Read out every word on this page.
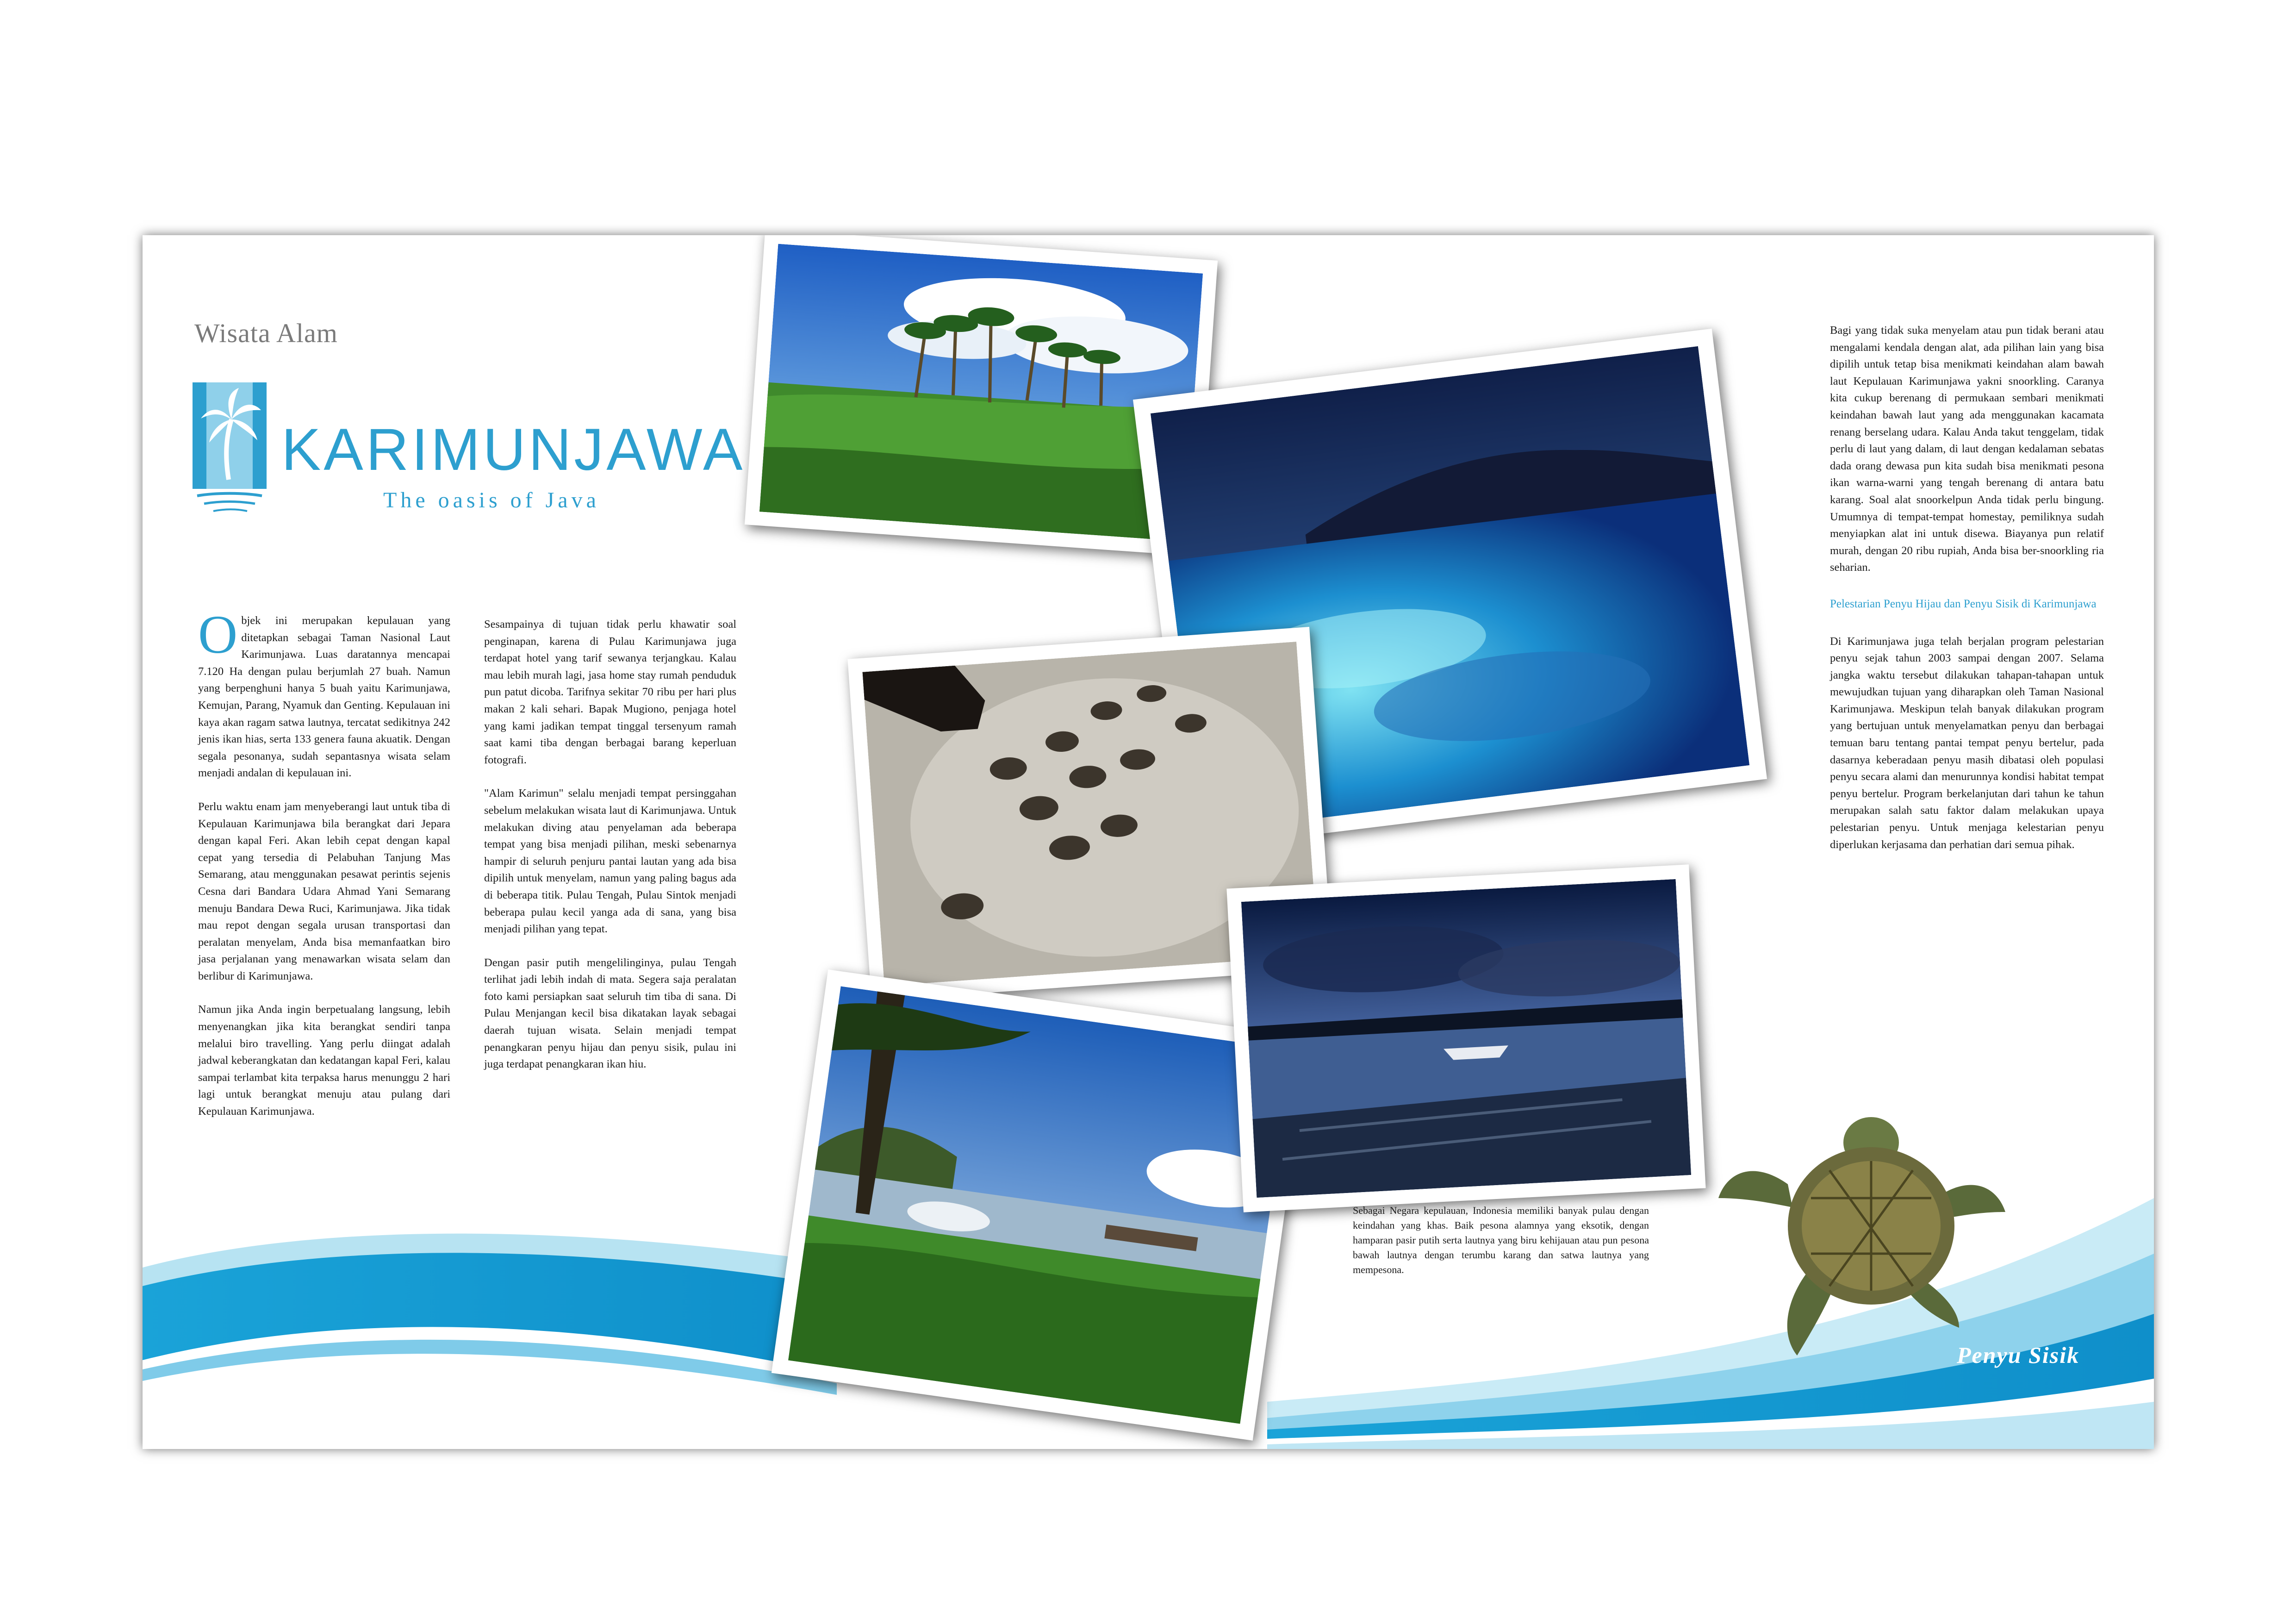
Wisata Alam
KARIMUNJAWA
The oasis of Java

Objek ini merupakan kepulauan yang ditetapkan sebagai Taman Nasional Laut Karimunjawa. Luas daratannya mencapai 7.120 Ha dengan pulau berjumlah 27 buah. Namun yang berpenghuni hanya 5 buah yaitu Karimunjawa, Kemujan, Parang, Nyamuk dan Genting. Kepulauan ini kaya akan ragam satwa lautnya, tercatat sedikitnya 242 jenis ikan hias, serta 133 genera fauna akuatik. Dengan segala pesonanya, sudah sepantasnya wisata selam menjadi andalan di kepulauan ini.

Perlu waktu enam jam menyeberangi laut untuk tiba di Kepulauan Karimunjawa bila berangkat dari Jepara dengan kapal Feri. Akan lebih cepat dengan kapal cepat yang tersedia di Pelabuhan Tanjung Mas Semarang, atau menggunakan pesawat perintis sejenis Cesna dari Bandara Udara Ahmad Yani Semarang menuju Bandara Dewa Ruci, Karimunjawa. Jika tidak mau repot dengan segala urusan transportasi dan peralatan menyelam, Anda bisa memanfaatkan biro jasa perjalanan yang menawarkan wisata selam dan berlibur di Karimunjawa.

Namun jika Anda ingin berpetualang langsung, lebih menyenangkan jika kita berangkat sendiri tanpa melalui biro travelling. Yang perlu diingat adalah jadwal keberangkatan dan kedatangan kapal Feri, kalau sampai terlambat kita terpaksa harus menunggu 2 hari lagi untuk berangkat menuju atau pulang dari Kepulauan Karimunjawa.

Sesampainya di tujuan tidak perlu khawatir soal penginapan, karena di Pulau Karimunjawa juga terdapat hotel yang tarif sewanya terjangkau. Kalau mau lebih murah lagi, jasa home stay rumah penduduk pun patut dicoba. Tarifnya sekitar 70 ribu per hari plus makan 2 kali sehari. Bapak Mugiono, penjaga hotel yang kami jadikan tempat tinggal tersenyum ramah saat kami tiba dengan berbagai barang keperluan fotografi.

"Alam Karimun" selalu menjadi tempat persinggahan sebelum melakukan wisata laut di Karimunjawa. Untuk melakukan diving atau penyelaman ada beberapa tempat yang bisa menjadi pilihan, meski sebenarnya hampir di seluruh penjuru pantai lautan yang ada bisa dipilih untuk menyelam, namun yang paling bagus ada di beberapa titik. Pulau Tengah, Pulau Sintok menjadi beberapa pulau kecil yanga ada di sana, yang bisa menjadi pilihan yang tepat.

Dengan pasir putih mengelilinginya, pulau Tengah terlihat jadi lebih indah di mata. Segera saja peralatan foto kami persiapkan saat seluruh tim tiba di sana. Di Pulau Menjangan kecil bisa dikatakan layak sebagai daerah tujuan wisata. Selain menjadi tempat penangkaran penyu hijau dan penyu sisik, pulau ini juga terdapat penangkaran ikan hiu.

Bagi yang tidak suka menyelam atau pun tidak berani atau mengalami kendala dengan alat, ada pilihan lain yang bisa dipilih untuk tetap bisa menikmati keindahan alam bawah laut Kepulauan Karimunjawa yakni snoorkling. Caranya kita cukup berenang di permukaan sembari menikmati keindahan bawah laut yang ada menggunakan kacamata renang berselang udara. Kalau Anda takut tenggelam, tidak perlu di laut yang dalam, di laut dengan kedalaman sebatas dada orang dewasa pun kita sudah bisa menikmati pesona ikan warna-warni yang tengah berenang di antara batu karang. Soal alat snoorkelpun Anda tidak perlu bingung. Umumnya di tempat-tempat homestay, pemiliknya sudah menyiapkan alat ini untuk disewa. Biayanya pun relatif murah, dengan 20 ribu rupiah, Anda bisa ber-snoorkling ria seharian.

Pelestarian Penyu Hijau dan Penyu Sisik di Karimunjawa

Di Karimunjawa juga telah berjalan program pelestarian penyu sejak tahun 2003 sampai dengan 2007. Selama jangka waktu tersebut dilakukan tahapan-tahapan untuk mewujudkan tujuan yang diharapkan oleh Taman Nasional Karimunjawa. Meskipun telah banyak dilakukan program yang bertujuan untuk menyelamatkan penyu dan berbagai temuan baru tentang pantai tempat penyu bertelur, pada dasarnya keberadaan penyu masih dibatasi oleh populasi penyu secara alami dan menurunnya kondisi habitat tempat penyu bertelur. Program berkelanjutan dari tahun ke tahun merupakan salah satu faktor dalam melakukan upaya pelestarian penyu. Untuk menjaga kelestarian penyu diperlukan kerjasama dan perhatian dari semua pihak.

Sebagai Negara kepulauan, Indonesia memiliki banyak pulau dengan keindahan yang khas. Baik pesona alamnya yang eksotik, dengan hamparan pasir putih serta lautnya yang biru kehijauan atau pun pesona bawah lautnya dengan terumbu karang dan satwa lautnya yang mempesona.
Penyu Sisik
